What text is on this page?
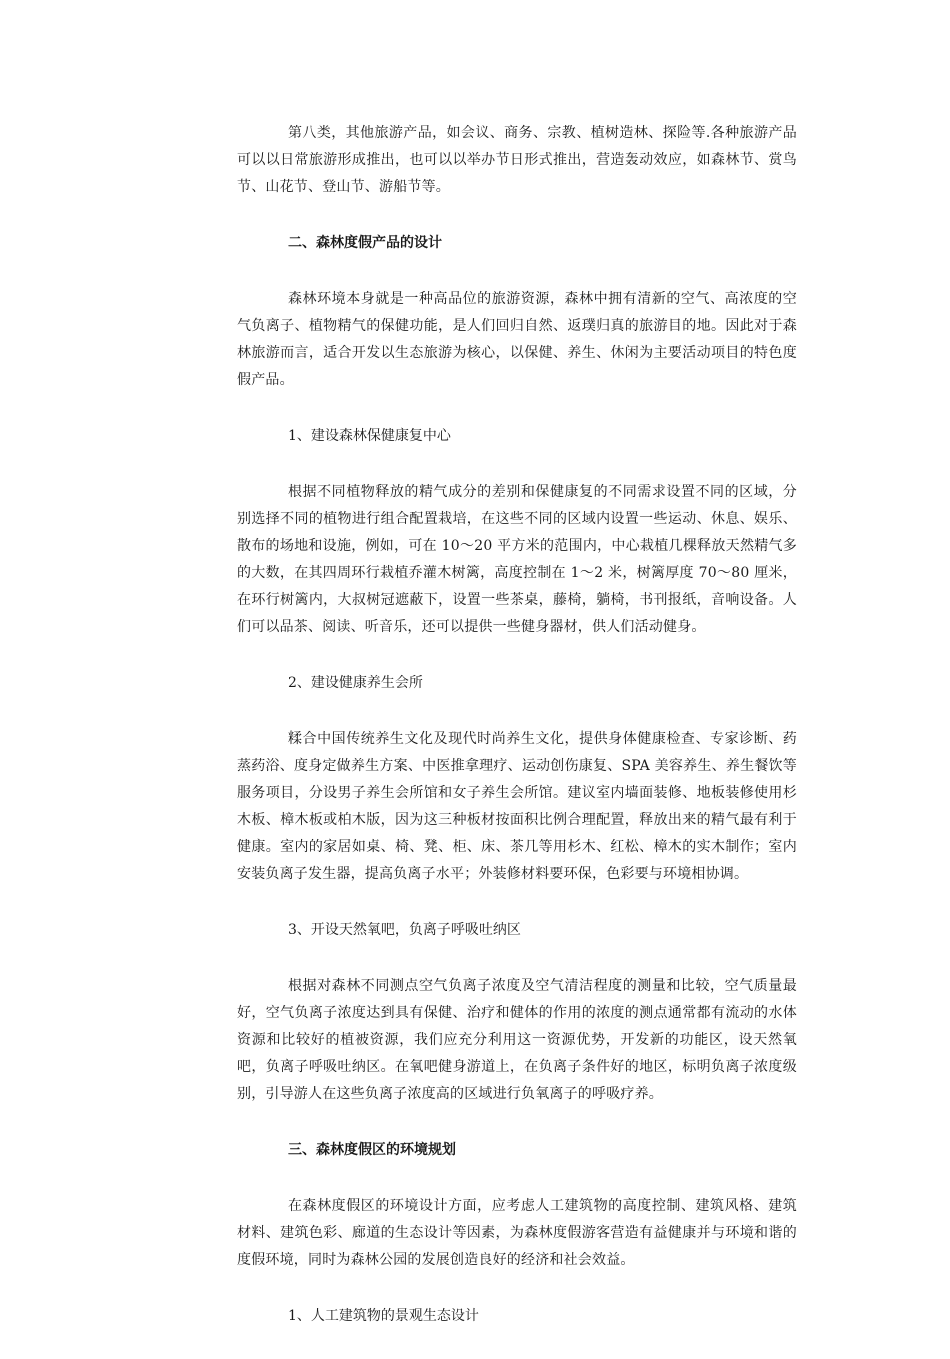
第八类，其他旅游产品，如会议、商务、宗教、植树造林、探险等.各种旅游产品可以以日常旅游形成推出，也可以以举办节日形式推出，营造轰动效应，如森林节、赏鸟节、山花节、登山节、游船节等。

二、森林度假产品的设计

森林环境本身就是一种高品位的旅游资源，森林中拥有清新的空气、高浓度的空气负离子、植物精气的保健功能，是人们回归自然、返璞归真的旅游目的地。因此对于森林旅游而言，适合开发以生态旅游为核心，以保健、养生、休闲为主要活动项目的特色度假产品。

1、建设森林保健康复中心

根据不同植物释放的精气成分的差别和保健康复的不同需求设置不同的区域，分别选择不同的植物进行组合配置栽培，在这些不同的区域内设置一些运动、休息、娱乐、散布的场地和设施，例如，可在 10～20 平方米的范围内，中心栽植几棵释放天然精气多的大数，在其四周环行栽植乔灌木树篱，高度控制在 1～2 米，树篱厚度 70～80 厘米，在环行树篱内，大叔树冠遮蔽下，设置一些茶桌，藤椅，躺椅，书刊报纸，音响设备。人们可以品茶、阅读、听音乐，还可以提供一些健身器材，供人们活动健身。

2、建设健康养生会所

糅合中国传统养生文化及现代时尚养生文化，提供身体健康检查、专家诊断、药蒸药浴、度身定做养生方案、中医推拿理疗、运动创伤康复、SPA 美容养生、养生餐饮等服务项目，分设男子养生会所馆和女子养生会所馆。建议室内墙面装修、地板装修使用杉木板、樟木板或柏木版，因为这三种板材按面积比例合理配置，释放出来的精气最有利于健康。室内的家居如桌、椅、凳、柜、床、茶几等用杉木、红松、樟木的实木制作；室内安装负离子发生器，提高负离子水平；外装修材料要环保，色彩要与环境相协调。

3、开设天然氧吧，负离子呼吸吐纳区

根据对森林不同测点空气负离子浓度及空气清洁程度的测量和比较，空气质量最好，空气负离子浓度达到具有保健、治疗和健体的作用的浓度的测点通常都有流动的水体资源和比较好的植被资源，我们应充分利用这一资源优势，开发新的功能区，设天然氧吧，负离子呼吸吐纳区。在氧吧健身游道上，在负离子条件好的地区，标明负离子浓度级别，引导游人在这些负离子浓度高的区域进行负氧离子的呼吸疗养。

三、森林度假区的环境规划

在森林度假区的环境设计方面，应考虑人工建筑物的高度控制、建筑风格、建筑材料、建筑色彩、廊道的生态设计等因素，为森林度假游客营造有益健康并与环境和谐的度假环境，同时为森林公园的发展创造良好的经济和社会效益。

1、人工建筑物的景观生态设计
